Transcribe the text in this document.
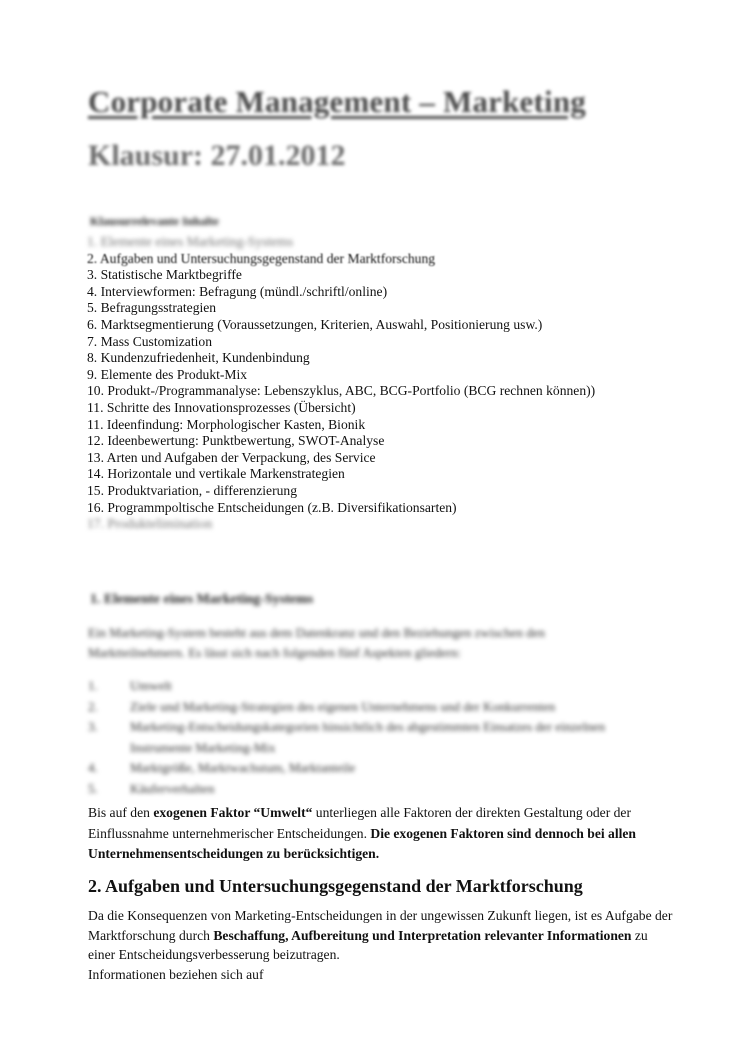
Corporate Management – Marketing
Klausur: 27.01.2012
Klausurrelevante Inhalte
1. Elemente eines Marketing-Systems
2. Aufgaben und Untersuchungsgegenstand der Marktforschung
3. Statistische Marktbegriffe
4. Interviewformen: Befragung (mündl./schriftl/online)
5. Befragungsstrategien
6. Marktsegmentierung (Voraussetzungen, Kriterien, Auswahl, Positionierung usw.)
7. Mass Customization
8. Kundenzufriedenheit, Kundenbindung
9. Elemente des Produkt-Mix
10. Produkt-/Programmanalyse: Lebenszyklus, ABC, BCG-Portfolio (BCG rechnen können))
11. Schritte des Innovationsprozesses (Übersicht)
11. Ideenfindung: Morphologischer Kasten, Bionik
12. Ideenbewertung: Punktbewertung, SWOT-Analyse
13. Arten und Aufgaben der Verpackung, des Service
14. Horizontale und vertikale Markenstrategien
15. Produktvariation, - differenzierung
16. Programmpoltische Entscheidungen (z.B. Diversifikationsarten)
17. Produktelimination
1. Elemente eines Marketing-Systems
Ein Marketing-System besteht aus dem Datenkranz und den Beziehungen zwischen den Marktteilnehmern. Es lässt sich nach folgenden fünf Aspekten gliedern:
1.	Umwelt
2.	Ziele und Marketing-Strategien des eigenen Unternehmens und der Konkurrenten
3.	Marketing-Entscheidungskategorien hinsichtlich des abgestimmten Einsatzes der einzelnen Instrumente Marketing-Mix
4.	Marktgröße, Marktwachstum, Marktanteile
5.	Käuferverhalten

Bis auf den exogenen Faktor “Umwelt“ unterliegen alle Faktoren der direkten Gestaltung oder der Einflussnahme unternehmerischer Entscheidungen. Die exogenen Faktoren sind dennoch bei allen Unternehmensentscheidungen zu berücksichtigen.

2. Aufgaben und Untersuchungsgegenstand der Marktforschung

Da die Konsequenzen von Marketing-Entscheidungen in der ungewissen Zukunft liegen, ist es Aufgabe der Marktforschung durch Beschaffung, Aufbereitung und Interpretation relevanter Informationen zu einer Entscheidungsverbesserung beizutragen.
Informationen beziehen sich auf
